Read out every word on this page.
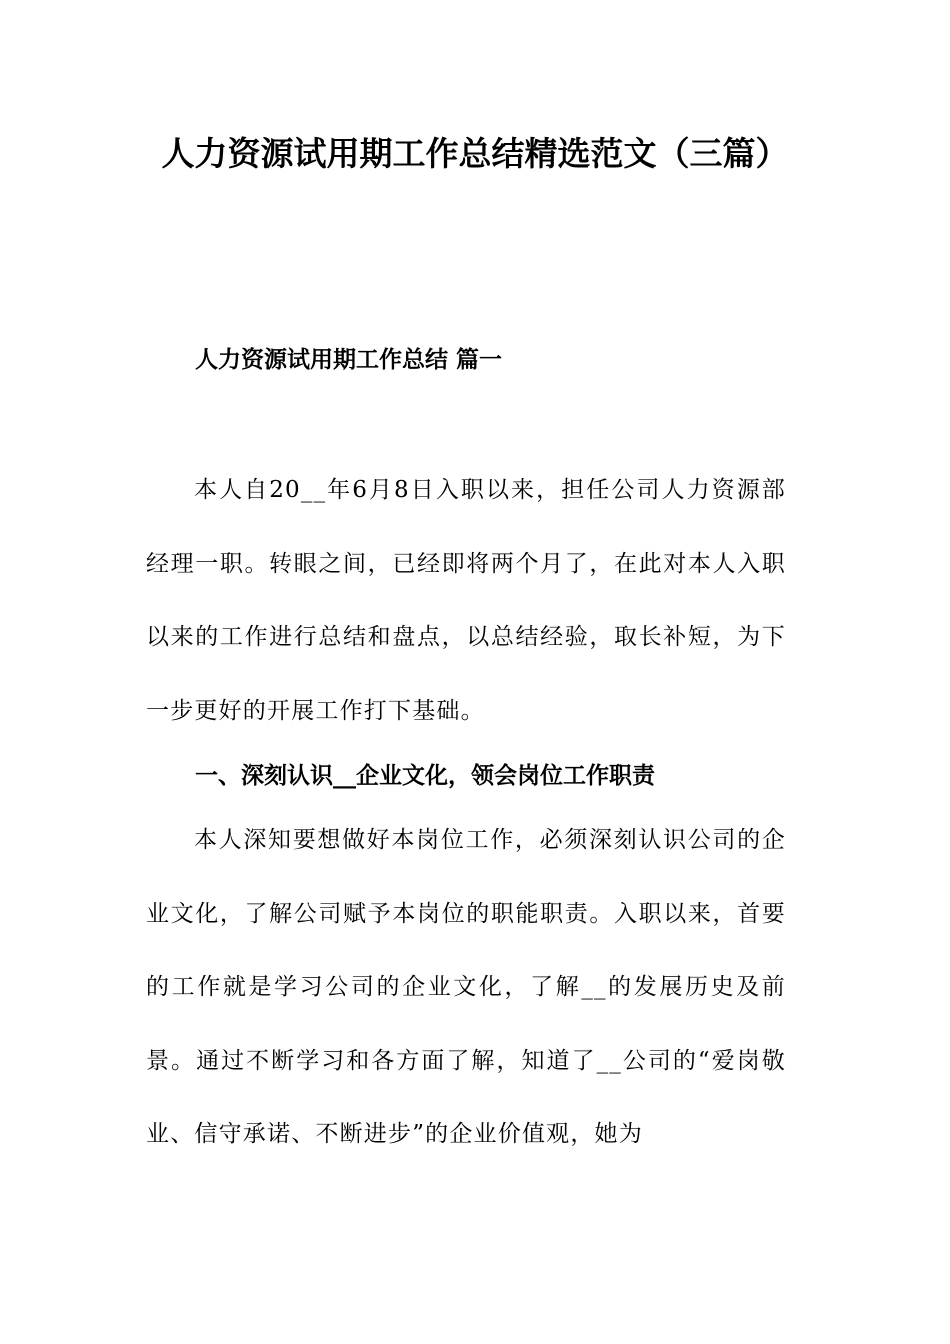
人力资源试用期工作总结精选范文（三篇）
人力资源试用期工作总结 篇一

本人自20__年6月8日入职以来，担任公司人力资源部经理一职。转眼之间，已经即将两个月了，在此对本人入职以来的工作进行总结和盘点，以总结经验，取长补短，为下一步更好的开展工作打下基础。

一、深刻认识__企业文化，领会岗位工作职责

本人深知要想做好本岗位工作，必须深刻认识公司的企业文化，了解公司赋予本岗位的职能职责。入职以来，首要的工作就是学习公司的企业文化，了解__的发展历史及前景。通过不断学习和各方面了解，知道了__公司的“爱岗敬业、信守承诺、不断进步”的企业价值观，她为
